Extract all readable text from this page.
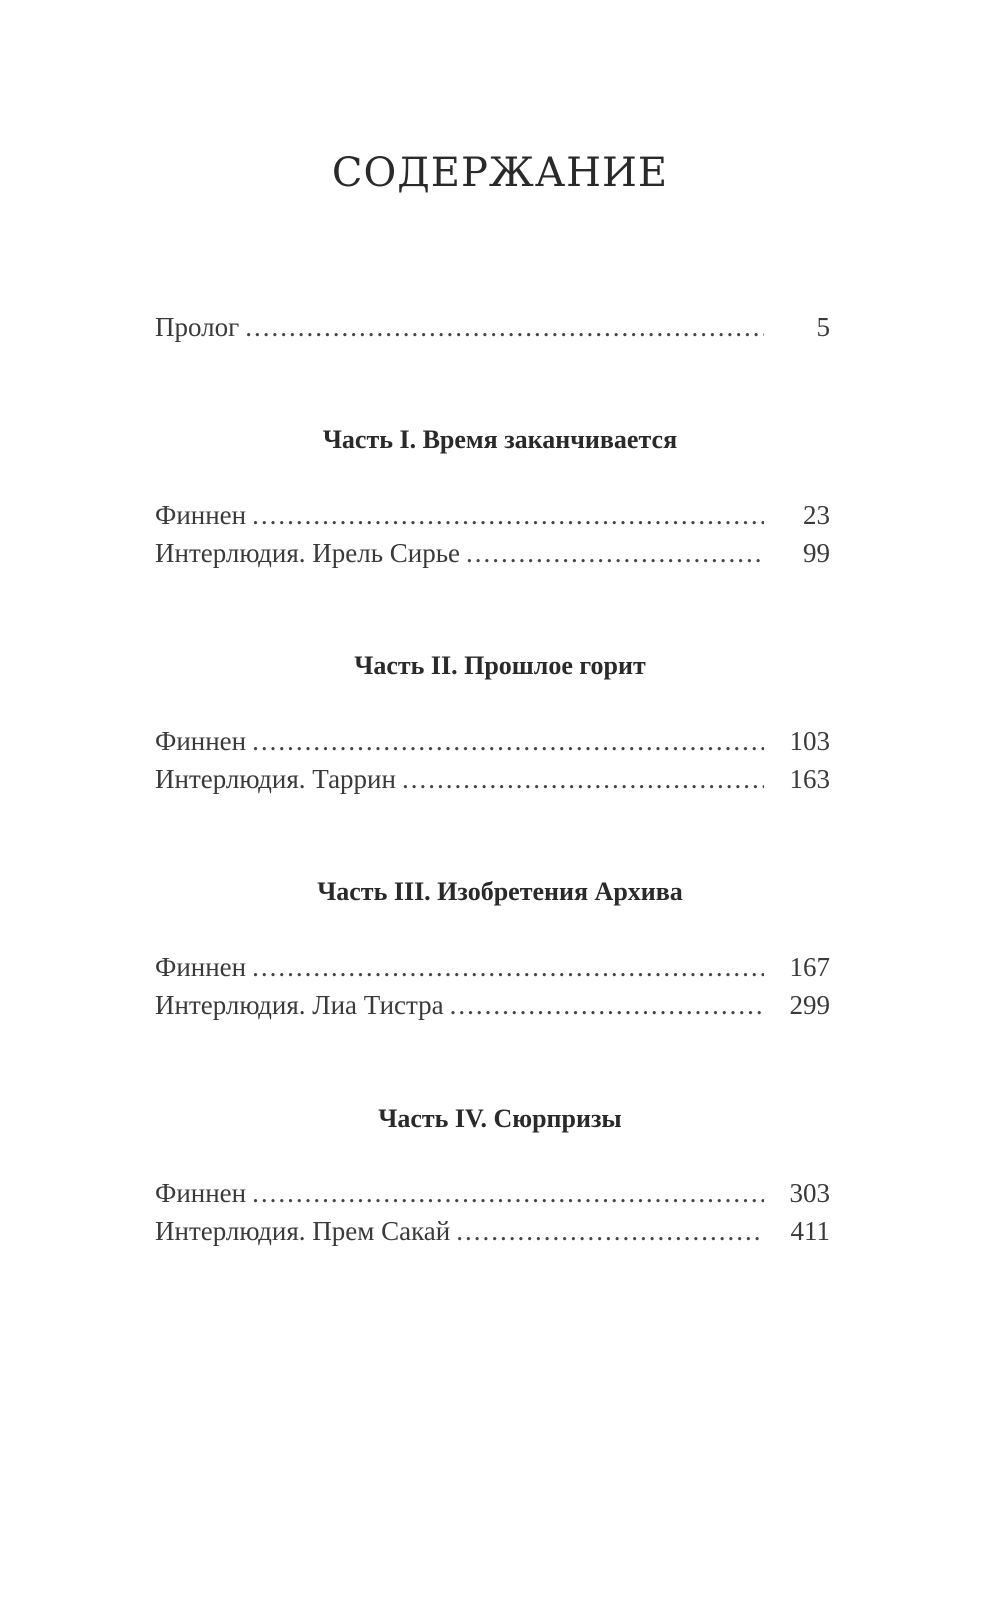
СОДЕРЖАНИЕ
Пролог .....	5
Часть I. Время заканчивается
Финнен .....	23
Интерлюдия. Ирель Сирье .....	99
Часть II. Прошлое горит
Финнен .....	103
Интерлюдия. Таррин .....	163
Часть III. Изобретения Архива
Финнен .....	167
Интерлюдия. Лиа Тистра .....	299
Часть IV. Сюрпризы
Финнен .....	303
Интерлюдия. Прем Сакай .....	411
